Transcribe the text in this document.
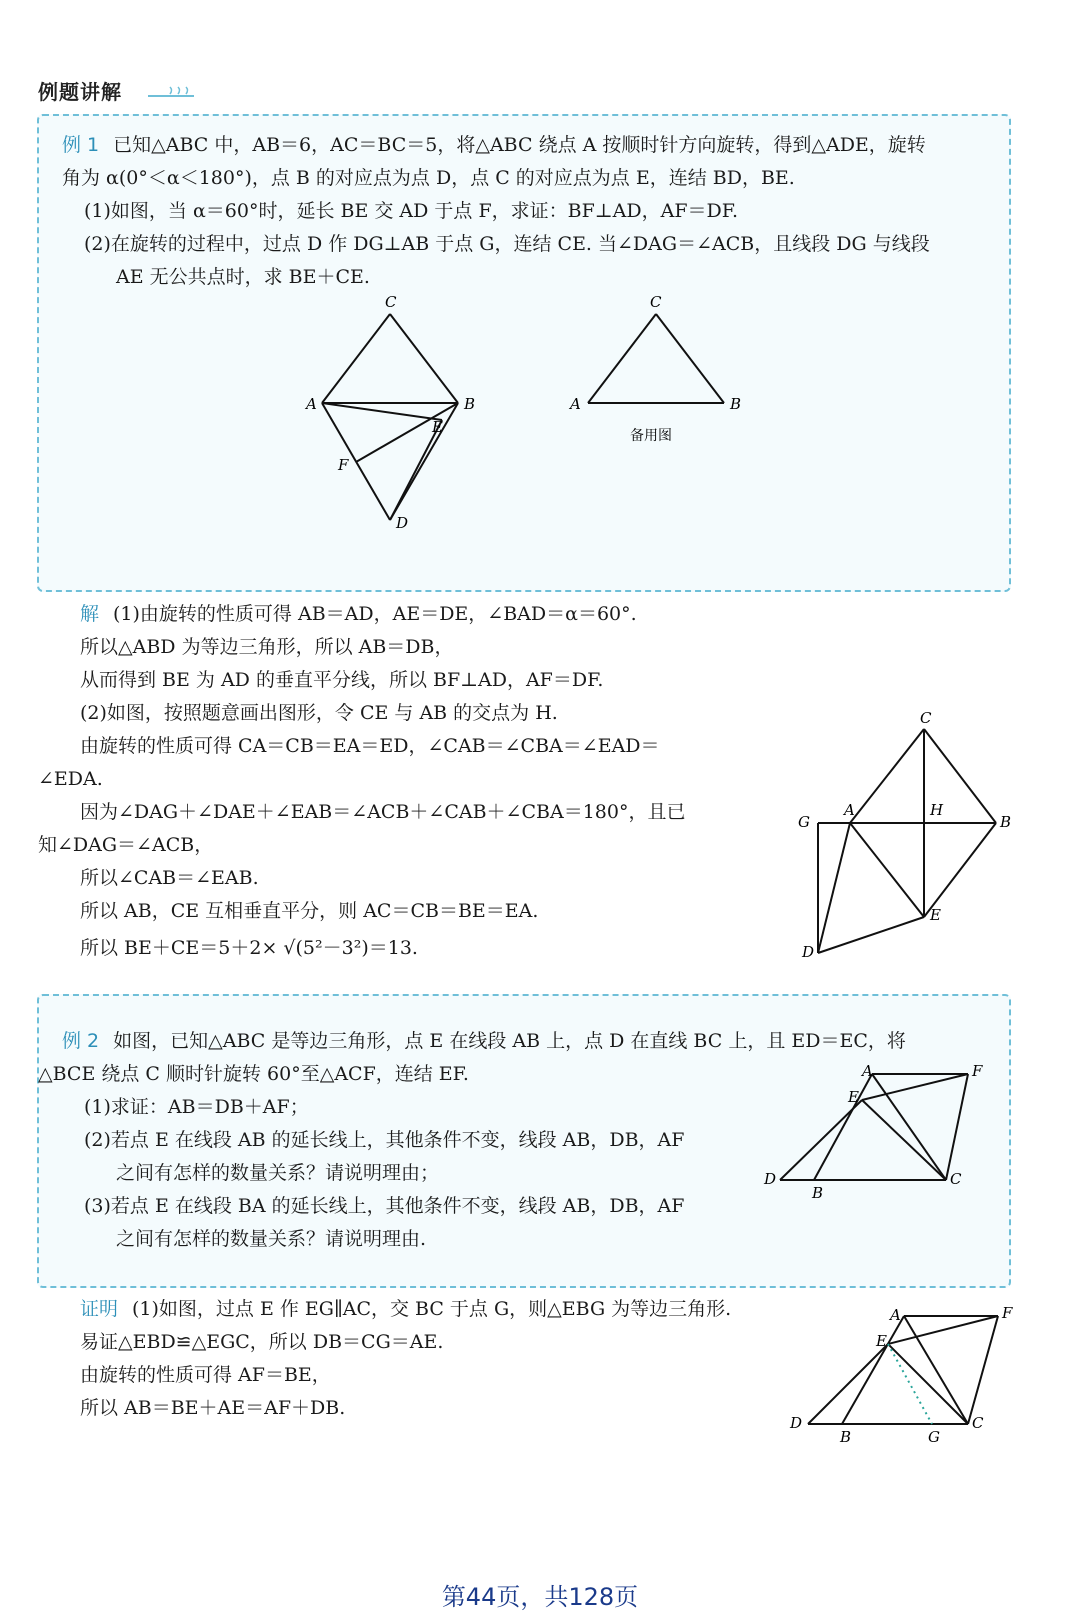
例题讲解
例 1 已知△ABC 中，AB＝6，AC＝BC＝5，将△ABC 绕点 A 按顺时针方向旋转，得到△ADE，旋转
角为 α(0°＜α＜180°)，点 B 的对应点为点 D，点 C 的对应点为点 E，连结 BD，BE.
(1)如图，当 α＝60°时，延长 BE 交 AD 于点 F，求证：BF⊥AD，AF＝DF.
(2)在旋转的过程中，过点 D 作 DG⊥AB 于点 G，连结 CE. 当∠DAG＝∠ACB，且线段 DG 与线段
AE 无公共点时，求 BE＋CE.
C
A	B
E
F
D
C
A	B
备用图
解 (1)由旋转的性质可得 AB＝AD，AE＝DE，∠BAD＝α＝60°.
所以△ABD 为等边三角形，所以 AB＝DB，
从而得到 BE 为 AD 的垂直平分线，所以 BF⊥AD，AF＝DF.
(2)如图，按照题意画出图形，令 CE 与 AB 的交点为 H.
由旋转的性质可得 CA＝CB＝EA＝ED，∠CAB＝∠CBA＝∠EAD＝
∠EDA.
因为∠DAG＋∠DAE＋∠EAB＝∠ACB＋∠CAB＋∠CBA＝180°，且已
知∠DAG＝∠ACB，
所以∠CAB＝∠EAB.
所以 AB，CE 互相垂直平分，则 AC＝CB＝BE＝EA.
所以 BE＋CE＝5＋2× √(5²－3²)＝13.
C
G
A	H
B
E
D
例 2 如图，已知△ABC 是等边三角形，点 E 在线段 AB 上，点 D 在直线 BC 上，且 ED＝EC，将
△BCE 绕点 C 顺时针旋转 60°至△ACF，连结 EF.
(1)求证：AB＝DB＋AF；
(2)若点 E 在线段 AB 的延长线上，其他条件不变，线段 AB，DB，AF
之间有怎样的数量关系？请说明理由；
(3)若点 E 在线段 BA 的延长线上，其他条件不变，线段 AB，DB，AF
之间有怎样的数量关系？请说明理由.
A	F
E
D
B
C
证明 (1)如图，过点 E 作 EG∥AC，交 BC 于点 G，则△EBG 为等边三角形.
易证△EBD≌△EGC，所以 DB＝CG＝AE.
由旋转的性质可得 AF＝BE，
所以 AB＝BE＋AE＝AF＋DB.
A	F
E
D
B	G
C
第44页，共128页
